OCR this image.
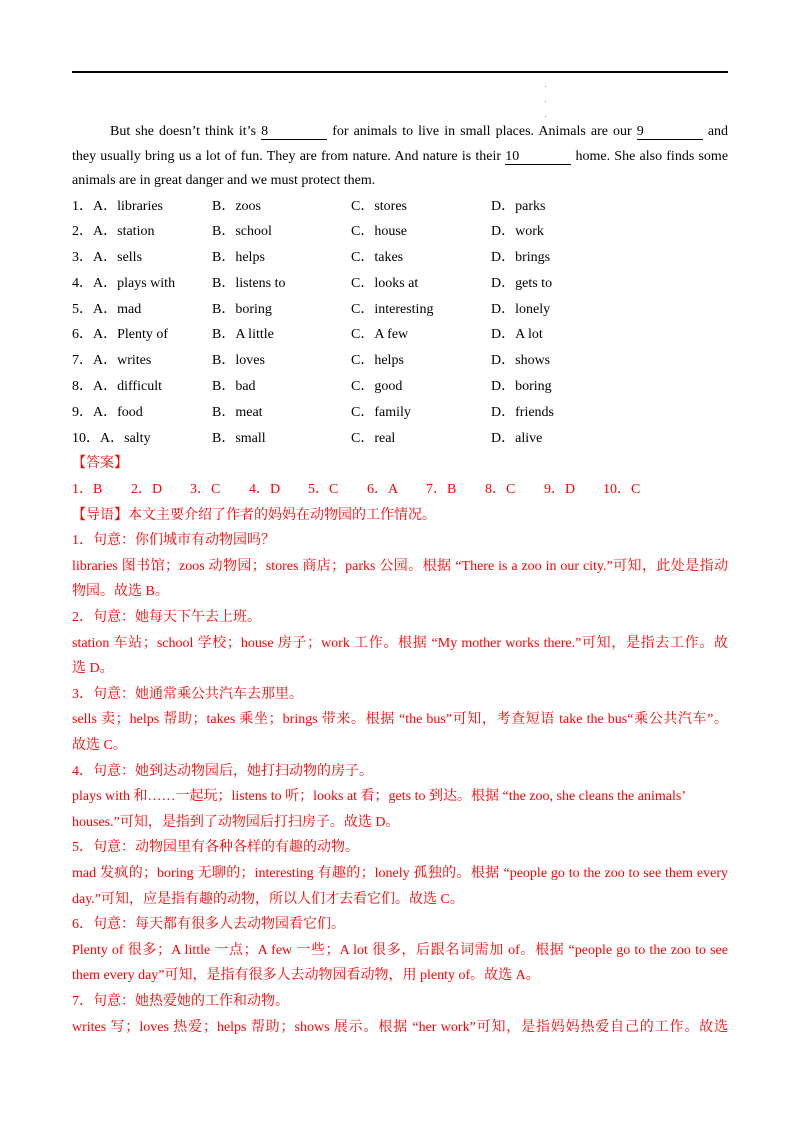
But she doesn’t think it’s 8	for animals to live in small places. Animals are our 9	and
they usually bring us a lot of fun. They are from nature. And nature is their 10	home. She also finds some
animals are in great danger and we must protect them.
1．A．libraries	B．zoos	C．stores	D．parks
2．A．station	B．school	C．house	D．work
3．A．sells	B．helps	C．takes	D．brings
4．A．plays with	B．listens to	C．looks at	D．gets to
5．A．mad	B．boring	C．interesting	D．lonely
6．A．Plenty of	B．A little	C．A few	D．A lot
7．A．writes	B．loves	C．helps	D．shows
8．A．difficult	B．bad	C．good	D．boring
9．A．food	B．meat	C．family	D．friends
10．A．salty	B．small	C．real	D．alive
【答案】
1．B 2．D 3．C 4．D 5．C 6．A 7．B 8．C 9．D 10．C
【导语】本文主要介绍了作者的妈妈在动物园的工作情况。
1．句意：你们城市有动物园吗？
libraries 图书馆；zoos 动物园；stores 商店；parks 公园。根据 “There is a zoo in our city.”可知，此处是指动
物园。故选 B。
2．句意：她每天下午去上班。
station 车站；school 学校；house 房子；work 工作。根据 “My mother works there.”可知，是指去工作。故
选 D。
3．句意：她通常乘公共汽车去那里。
sells 卖；helps 帮助；takes 乘坐；brings 带来。根据 “the bus”可知，考查短语 take the bus“乘公共汽车”。
故选 C。
4．句意：她到达动物园后，她打扫动物的房子。
plays with 和……一起玩；listens to 听；looks at 看；gets to 到达。根据 “the zoo, she cleans the animals’
houses.”可知，是指到了动物园后打扫房子。故选 D。
5．句意：动物园里有各种各样的有趣的动物。
mad 发疯的；boring 无聊的；interesting 有趣的；lonely 孤独的。根据 “people go to the zoo to see them every
day.”可知，应是指有趣的动物，所以人们才去看它们。故选 C。
6．句意：每天都有很多人去动物园看它们。
Plenty of 很多；A little 一点；A few 一些；A lot 很多，后跟名词需加 of。根据 “people go to the zoo to see
them every day”可知，是指有很多人去动物园看动物，用 plenty of。故选 A。
7．句意：她热爱她的工作和动物。
writes 写；loves 热爱；helps 帮助；shows 展示。根据 “her work”可知，是指妈妈热爱自己的工作。故选
